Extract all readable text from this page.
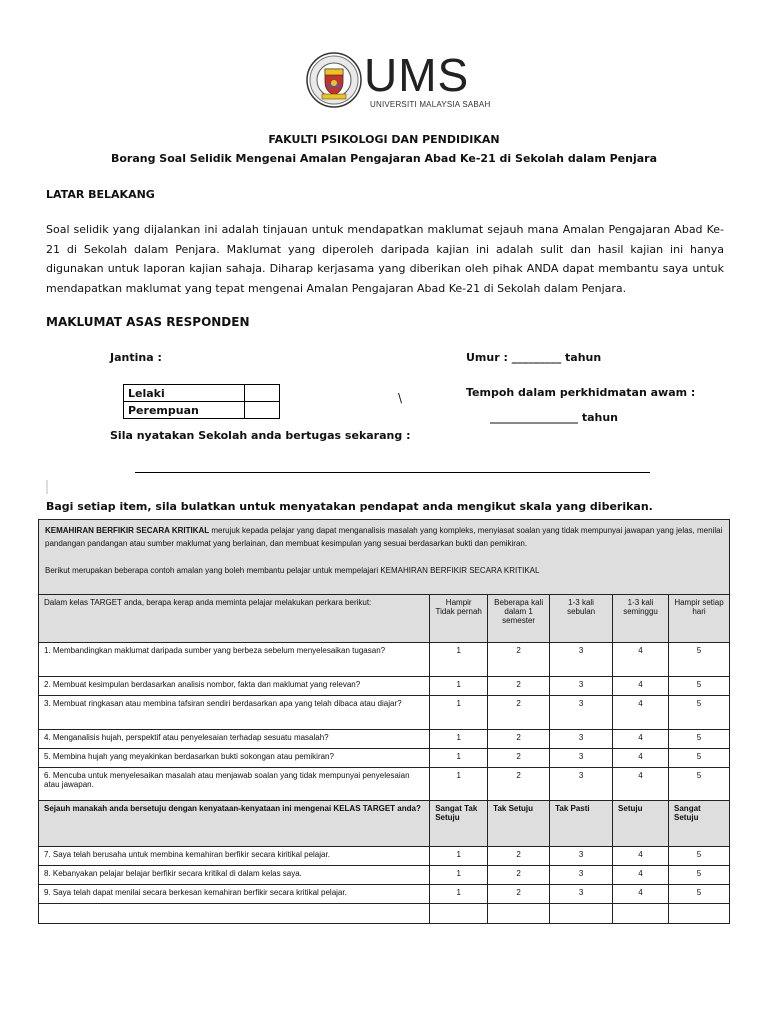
UMS
UNIVERSITI MALAYSIA SABAH
FAKULTI PSIKOLOGI DAN PENDIDIKAN
Borang Soal Selidik Mengenai Amalan Pengajaran Abad Ke-21 di Sekolah dalam Penjara
LATAR BELAKANG
Soal selidik yang dijalankan ini adalah tinjauan untuk mendapatkan maklumat sejauh mana Amalan Pengajaran Abad Ke-21 di Sekolah dalam Penjara. Maklumat yang diperoleh daripada kajian ini adalah sulit dan hasil kajian ini hanya digunakan untuk laporan kajian sahaja. Diharap kerjasama yang diberikan oleh pihak ANDA dapat membantu saya untuk mendapatkan maklumat yang tepat mengenai Amalan Pengajaran Abad Ke-21 di Sekolah dalam Penjara.
MAKLUMAT ASAS RESPONDEN
Jantina :	Umur : _________ tahun
Lelaki	
Perempuan	
\	Tempoh dalam perkhidmatan awam :
________________ tahun
Sila nyatakan Sekolah anda bertugas sekarang :
Bagi setiap item, sila bulatkan untuk menyatakan pendapat anda mengikut skala yang diberikan.
KEMAHIRAN BERFIKIR SECARA KRITIKAL merujuk kepada pelajar yang dapat menganalisis masalah yang kompleks, menyiasat soalan yang tidak mempunyai jawapan yang jelas, menilai pandangan pandangan atau sumber maklumat yang berlainan, dan membuat kesimpulan yang sesuai berdasarkan bukti dan pemikiran.
Berikut merupakan beberapa contoh amalan yang boleh membantu pelajar untuk mempelajari KEMAHIRAN BERFIKIR SECARA KRITIKAL					

Dalam kelas TARGET anda, berapa kerap anda meminta pelajar melakukan perkara berikut:	Hampir Tidak pernah	Beberapa kali dalam 1 semester	1-3 kali sebulan	1-3 kali seminggu	Hampir setiap hari
1. Membandingkan maklumat daripada sumber yang berbeza sebelum menyelesaikan tugasan?	1	2	3	4	5
2. Membuat kesimpulan berdasarkan analisis nombor, fakta dan maklumat yang relevan?	1	2	3	4	5
3. Membuat ringkasan atau membina tafsiran sendiri berdasarkan apa yang telah dibaca atau diajar?	1	2	3	4	5
4. Menganalisis hujah, perspektif atau penyelesaian terhadap sesuatu masalah?	1	2	3	4	5
5. Membina hujah yang meyakinkan berdasarkan bukti sokongan atau pemikiran?	1	2	3	4	5
6. Mencuba untuk menyelesaikan masalah atau menjawab soalan yang tidak mempunyai penyelesaian atau jawapan.	1	2	3	4	5
Sejauh manakah anda bersetuju dengan kenyataan-kenyataan ini mengenai KELAS TARGET anda?	Sangat Tak Setuju	Tak Setuju	Tak Pasti	Setuju	Sangat Setuju
7. Saya telah berusaha untuk membina kemahiran berfikir secara kiritikal pelajar.	1	2	3	4	5
8. Kebanyakan pelajar belajar berfikir secara kritikal di dalam kelas saya.	1	2	3	4	5
9. Saya telah dapat menilai secara berkesan kemahiran berfikir secara kritikal pelajar.	1	2	3	4	5
